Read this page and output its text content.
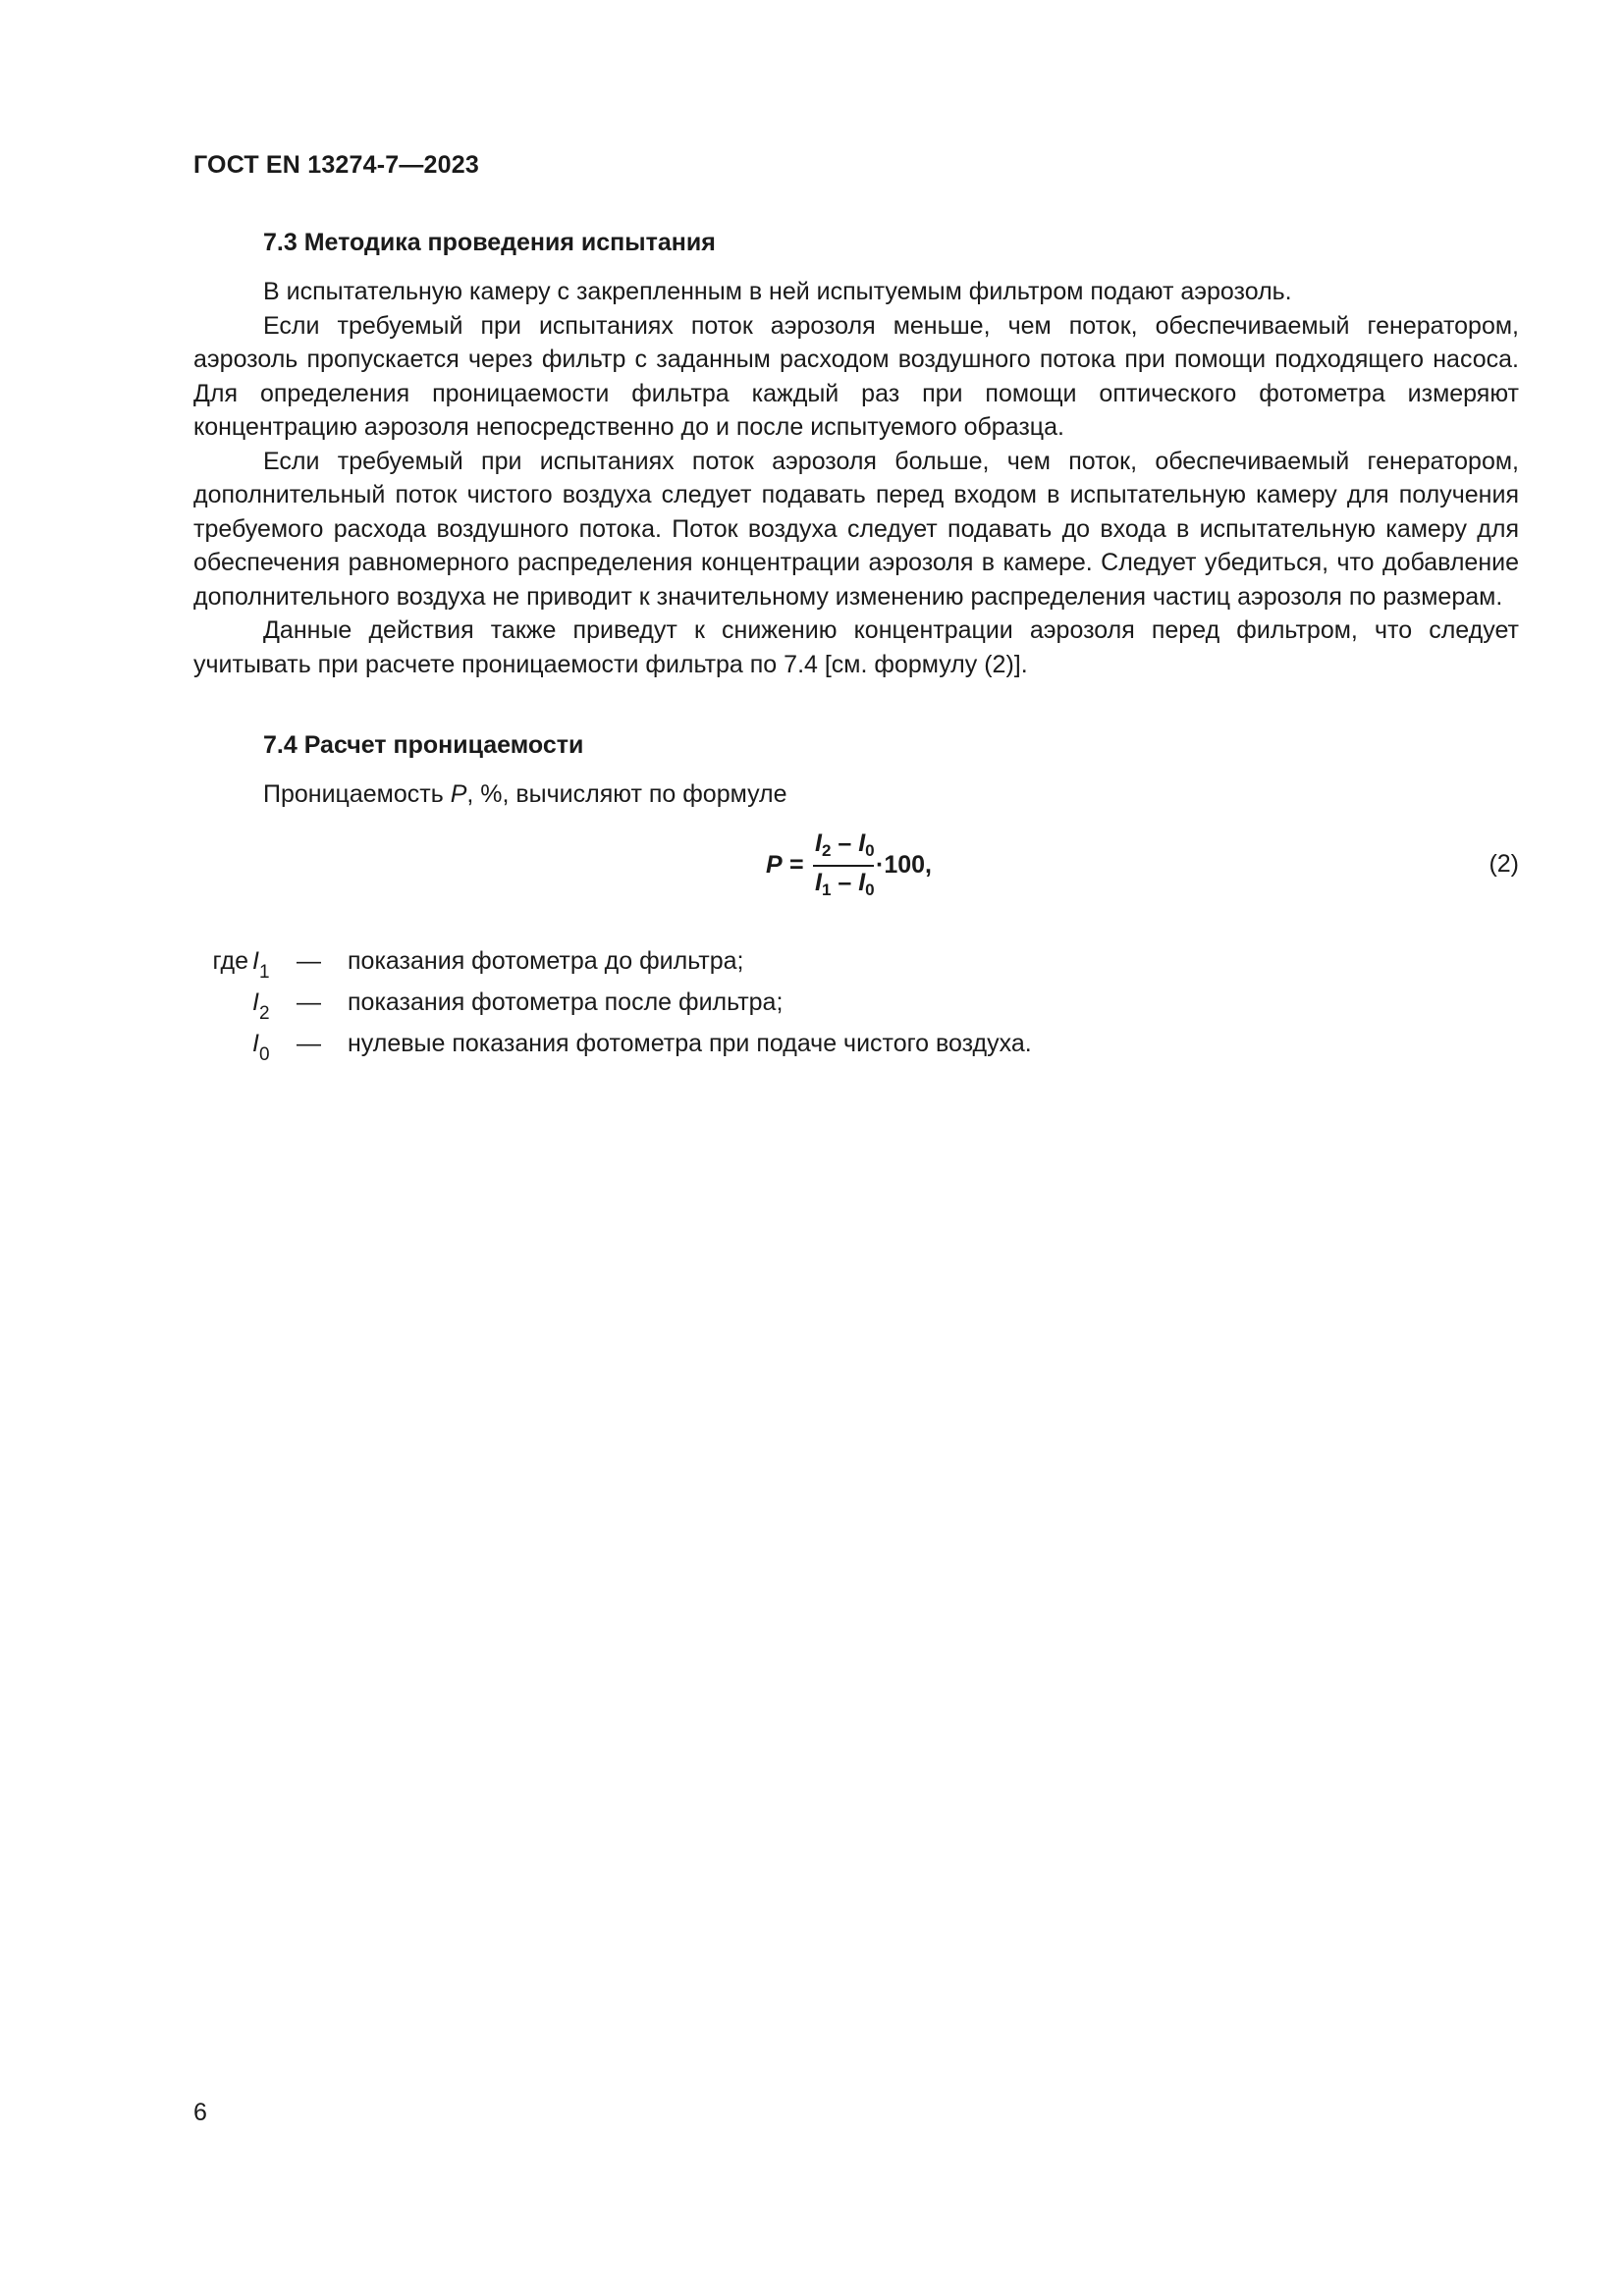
ГОСТ EN 13274-7—2023
7.3 Методика проведения испытания

В испытательную камеру с закрепленным в ней испытуемым фильтром подают аэрозоль.

Если требуемый при испытаниях поток аэрозоля меньше, чем поток, обеспечиваемый генератором, аэрозоль пропускается через фильтр с заданным расходом воздушного потока при помощи подходящего насоса. Для определения проницаемости фильтра каждый раз при помощи оптического фотометра измеряют концентрацию аэрозоля непосредственно до и после испытуемого образца.

Если требуемый при испытаниях поток аэрозоля больше, чем поток, обеспечиваемый генератором, дополнительный поток чистого воздуха следует подавать перед входом в испытательную камеру для получения требуемого расхода воздушного потока. Поток воздуха следует подавать до входа в испытательную камеру для обеспечения равномерного распределения концентрации аэрозоля в камере. Следует убедиться, что добавление дополнительного воздуха не приводит к значительному изменению распределения частиц аэрозоля по размерам.

Данные действия также приведут к снижению концентрации аэрозоля перед фильтром, что следует учитывать при расчете проницаемости фильтра по 7.4 [см. формулу (2)].

7.4 Расчет проницаемости
Проницаемость P, %, вычисляют по формуле
P =
$I_2 - I_0$
$I_1 - I_0$
·100,	(2)
где $I_1$ — показания фотометра до фильтра;
$I_2$ — показания фотометра после фильтра;
$I_0$ — нулевые показания фотометра при подаче чистого воздуха.
6
